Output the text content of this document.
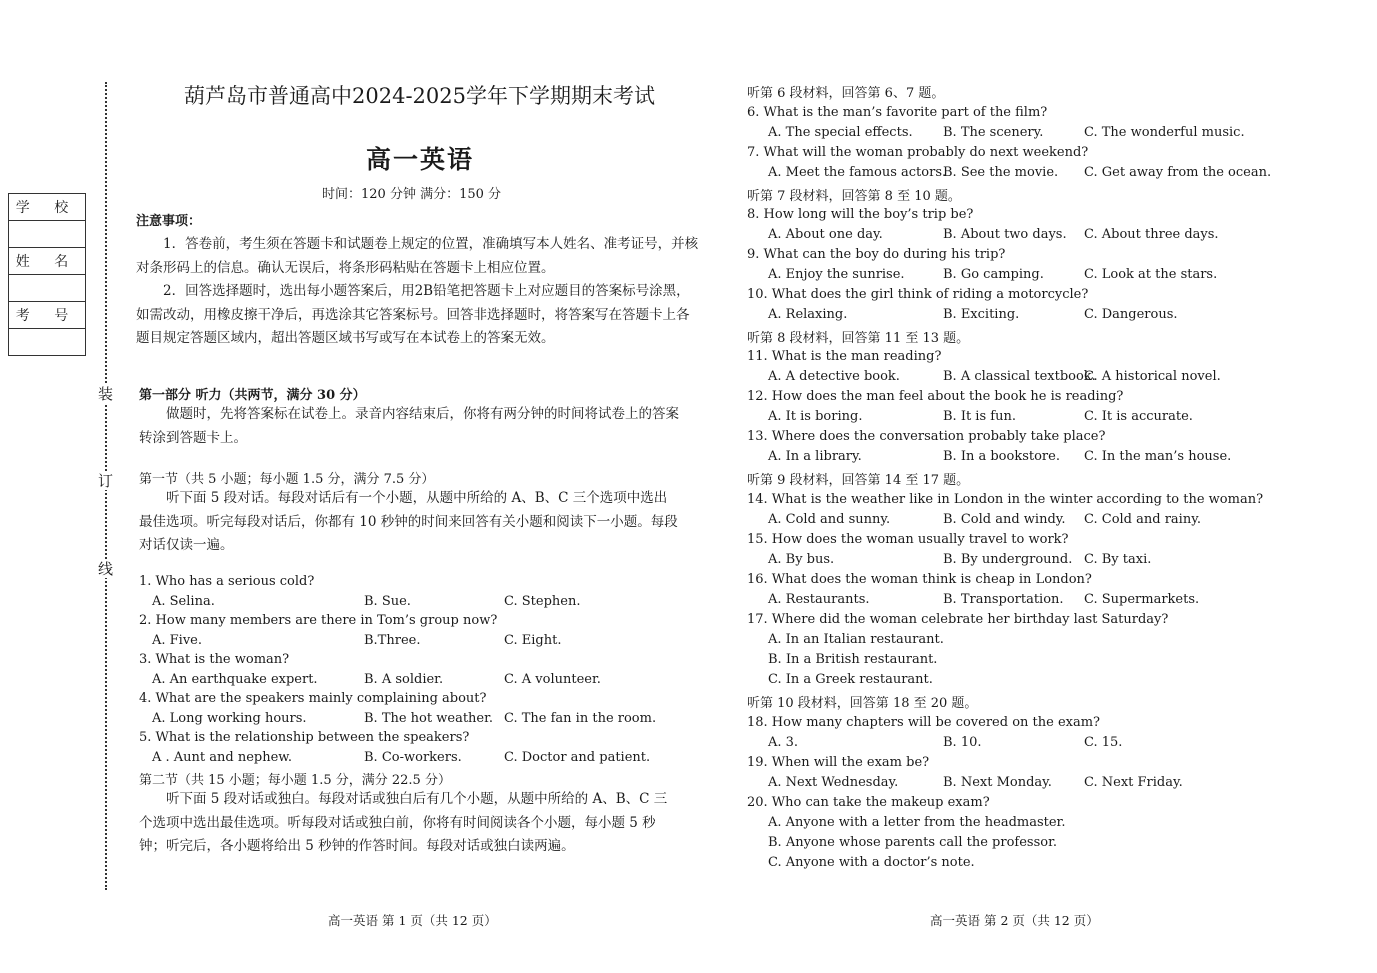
装
订
线
学 校
姓 名
考 号
葫芦岛市普通高中2024-2025学年下学期期末考试
高一英语
时间：120 分钟 满分：150 分
注意事项：
1．答卷前，考生须在答题卡和试题卷上规定的位置，准确填写本人姓名、准考证号，并核对条形码上的信息。确认无误后，将条形码粘贴在答题卡上相应位置。
2．回答选择题时，选出每小题答案后，用2B铅笔把答题卡上对应题目的答案标号涂黑，如需改动，用橡皮擦干净后，再选涂其它答案标号。回答非选择题时，将答案写在答题卡上各题目规定答题区域内，超出答题区域书写或写在本试卷上的答案无效。
第一部分 听力（共两节，满分 30 分）
做题时，先将答案标在试卷上。录音内容结束后，你将有两分钟的时间将试卷上的答案转涂到答题卡上。
第一节（共 5 小题；每小题 1.5 分，满分 7.5 分）
听下面 5 段对话。每段对话后有一个小题，从题中所给的 A、B、C 三个选项中选出最佳选项。听完每段对话后，你都有 10 秒钟的时间来回答有关小题和阅读下一小题。每段对话仅读一遍。
1. Who has a serious cold?
A. Selina.	B. Sue.	C. Stephen.
2. How many members are there in Tom’s group now?
A. Five.	B.Three.	C. Eight.
3. What is the woman?
A. An earthquake expert.	B. A soldier.	C. A volunteer.
4. What are the speakers mainly complaining about?
A. Long working hours.	B. The hot weather. C. The fan in the room.
5. What is the relationship between the speakers?
A . Aunt and nephew.	B. Co-workers.	C. Doctor and patient.
第二节（共 15 小题；每小题 1.5 分，满分 22.5 分）
听下面 5 段对话或独白。每段对话或独白后有几个小题，从题中所给的 A、B、C 三个选项中选出最佳选项。听每段对话或独白前，你将有时间阅读各个小题，每小题 5 秒钟；听完后，各小题将给出 5 秒钟的作答时间。每段对话或独白读两遍。
听第 6 段材料，回答第 6、7 题。
6. What is the man’s favorite part of the film?
A. The special effects. B. The scenery.	C. The wonderful music.
7. What will the woman probably do next weekend?
A. Meet the famous actors.
B. See the movie. C. Get away from the ocean.
听第 7 段材料，回答第 8 至 10 题。
8. How long will the boy’s trip be?
A. About one day.	B. About two days. C. About three days.
9. What can the boy do during his trip?
A. Enjoy the sunrise.	B. Go camping.	C. Look at the stars.
10. What does the girl think of riding a motorcycle?
A. Relaxing.	B. Exciting.	C. Dangerous.
听第 8 段材料，回答第 11 至 13 题。
11. What is the man reading?
A. A detective book.	B. A classical textbook.
C. A historical novel.
12. How does the man feel about the book he is reading?
A. It is boring.	B. It is fun.	C. It is accurate.
13. Where does the conversation probably take place?
A. In a library.	B. In a bookstore. C. In the man’s house.
听第 9 段材料，回答第 14 至 17 题。
14. What is the weather like in London in the winter according to the woman?
A. Cold and sunny.	B. Cold and windy. C. Cold and rainy.
15. How does the woman usually travel to work?
A. By bus.	B. By underground. C. By taxi.
16. What does the woman think is cheap in London?
A. Restaurants.	B. Transportation. C. Supermarkets.
17. Where did the woman celebrate her birthday last Saturday?
A. In an Italian restaurant.
B. In a British restaurant.
C. In a Greek restaurant.
听第 10 段材料，回答第 18 至 20 题。
18. How many chapters will be covered on the exam?
A. 3.	B. 10.	C. 15.
19. When will the exam be?
A. Next Wednesday.	B. Next Monday. C. Next Friday.
20. Who can take the makeup exam?
A. Anyone with a letter from the headmaster.
B. Anyone whose parents call the professor.
C. Anyone with a doctor’s note.
高一英语 第 1 页（共 12 页）	高一英语 第 2 页（共 12 页）
